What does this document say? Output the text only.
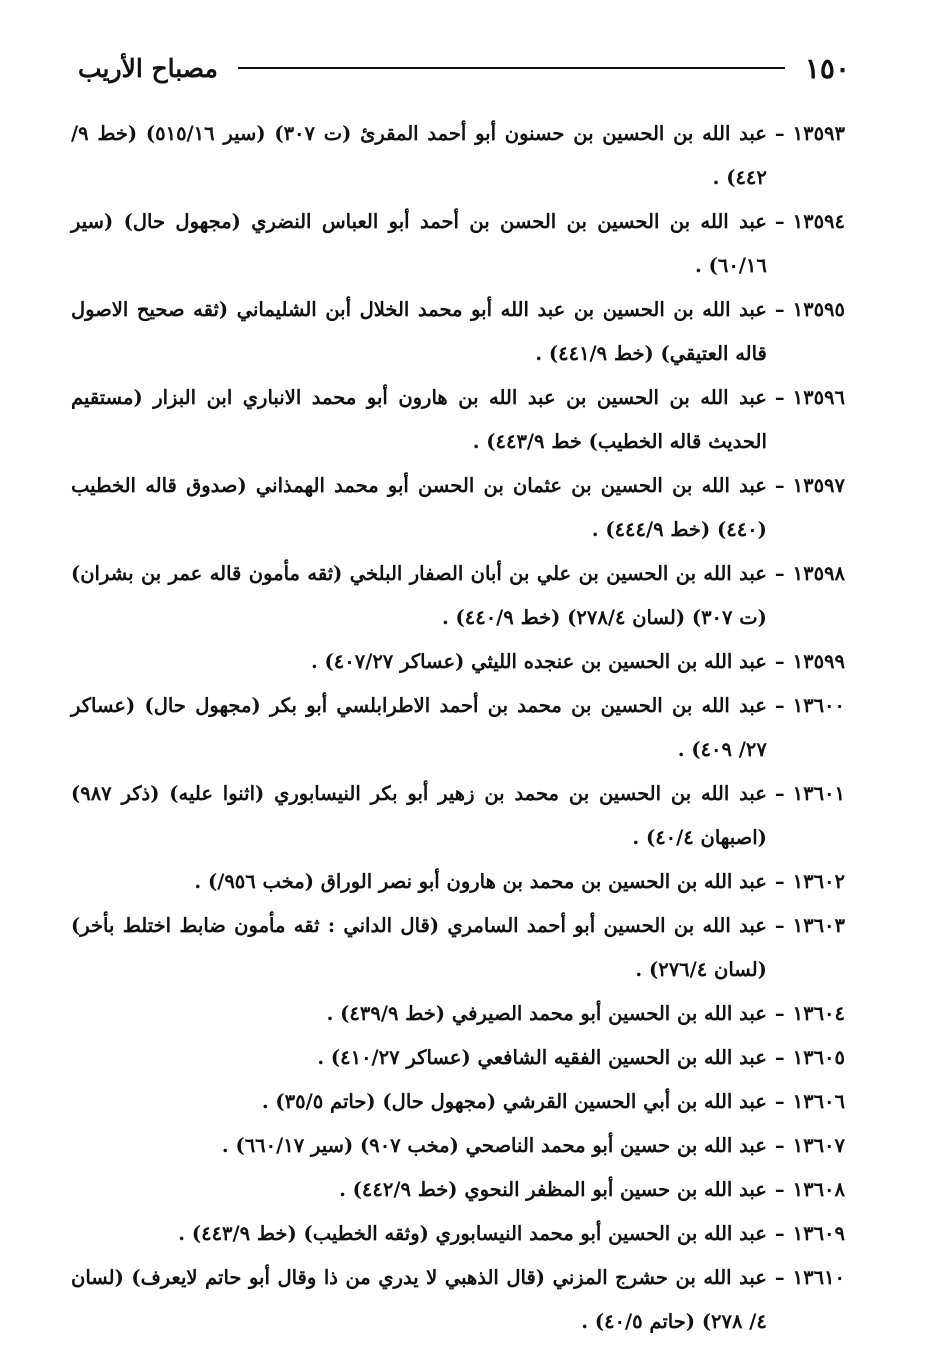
١٥٠
مصباح الأريب
١٣٥٩٣
–
عبد الله بن الحسين بن حسنون أبو أحمد المقرئ (ت ٣٠٧) (سير ٥١٥/١٦) (خط ٩/ ٤٤٢) .
١٣٥٩٤
–
عبد الله بن الحسين بن الحسن بن أحمد أبو العباس النضري (مجهول حال) (سير ٦٠/١٦) .
١٣٥٩٥
–
عبد الله بن الحسين بن عبد الله أبو محمد الخلال أبن الشليماني (ثقه صحيح الاصول قاله العتيقي) (خط ٤٤١/٩) .
١٣٥٩٦
–
عبد الله بن الحسين بن عبد الله بن هارون أبو محمد الانباري ابن البزار (مستقيم الحديث قاله الخطيب) خط ٤٤٣/٩) .
١٣٥٩٧
–
عبد الله بن الحسين بن عثمان بن الحسن أبو محمد الهمذاني (صدوق قاله الخطيب (٤٤٠) (خط ٤٤٤/٩) .
١٣٥٩٨
–
عبد الله بن الحسين بن علي بن أبان الصفار البلخي (ثقه مأمون قاله عمر بن بشران) (ت ٣٠٧) (لسان ٢٧٨/٤) (خط ٤٤٠/٩) .
١٣٥٩٩
–
عبد الله بن الحسين بن عنجده الليثي (عساكر ٤٠٧/٢٧) .
١٣٦٠٠
–
عبد الله بن الحسين بن محمد بن أحمد الاطرابلسي أبو بكر (مجهول حال) (عساكر ٢٧/ ٤٠٩) .
١٣٦٠١
–
عبد الله بن الحسين بن محمد بن زهير أبو بكر النيسابوري (اثنوا عليه) (ذكر ٩٨٧) (اصبهان ٤٠/٤) .
١٣٦٠٢
–
عبد الله بن الحسين بن محمد بن هارون أبو نصر الوراق (مخب ٩٥٦/) .
١٣٦٠٣
–
عبد الله بن الحسين أبو أحمد السامري (قال الداني : ثقه مأمون ضابط اختلط بأخر) (لسان ٢٧٦/٤) .
١٣٦٠٤
–
عبد الله بن الحسين أبو محمد الصيرفي (خط ٤٣٩/٩) .
١٣٦٠٥
–
عبد الله بن الحسين الفقيه الشافعي (عساكر ٤١٠/٢٧) .
١٣٦٠٦
–
عبد الله بن أبي الحسين القرشي (مجهول حال) (حاتم ٣٥/٥) .
١٣٦٠٧
–
عبد الله بن حسين أبو محمد الناصحي (مخب ٩٠٧) (سير ٦٦٠/١٧) .
١٣٦٠٨
–
عبد الله بن حسين أبو المظفر النحوي (خط ٤٤٢/٩) .
١٣٦٠٩
–
عبد الله بن الحسين أبو محمد النيسابوري (وثقه الخطيب) (خط ٤٤٣/٩) .
١٣٦١٠
–
عبد الله بن حشرج المزني (قال الذهبي لا يدري من ذا وقال أبو حاتم لايعرف) (لسان ٤/ ٢٧٨) (حاتم ٤٠/٥) .
